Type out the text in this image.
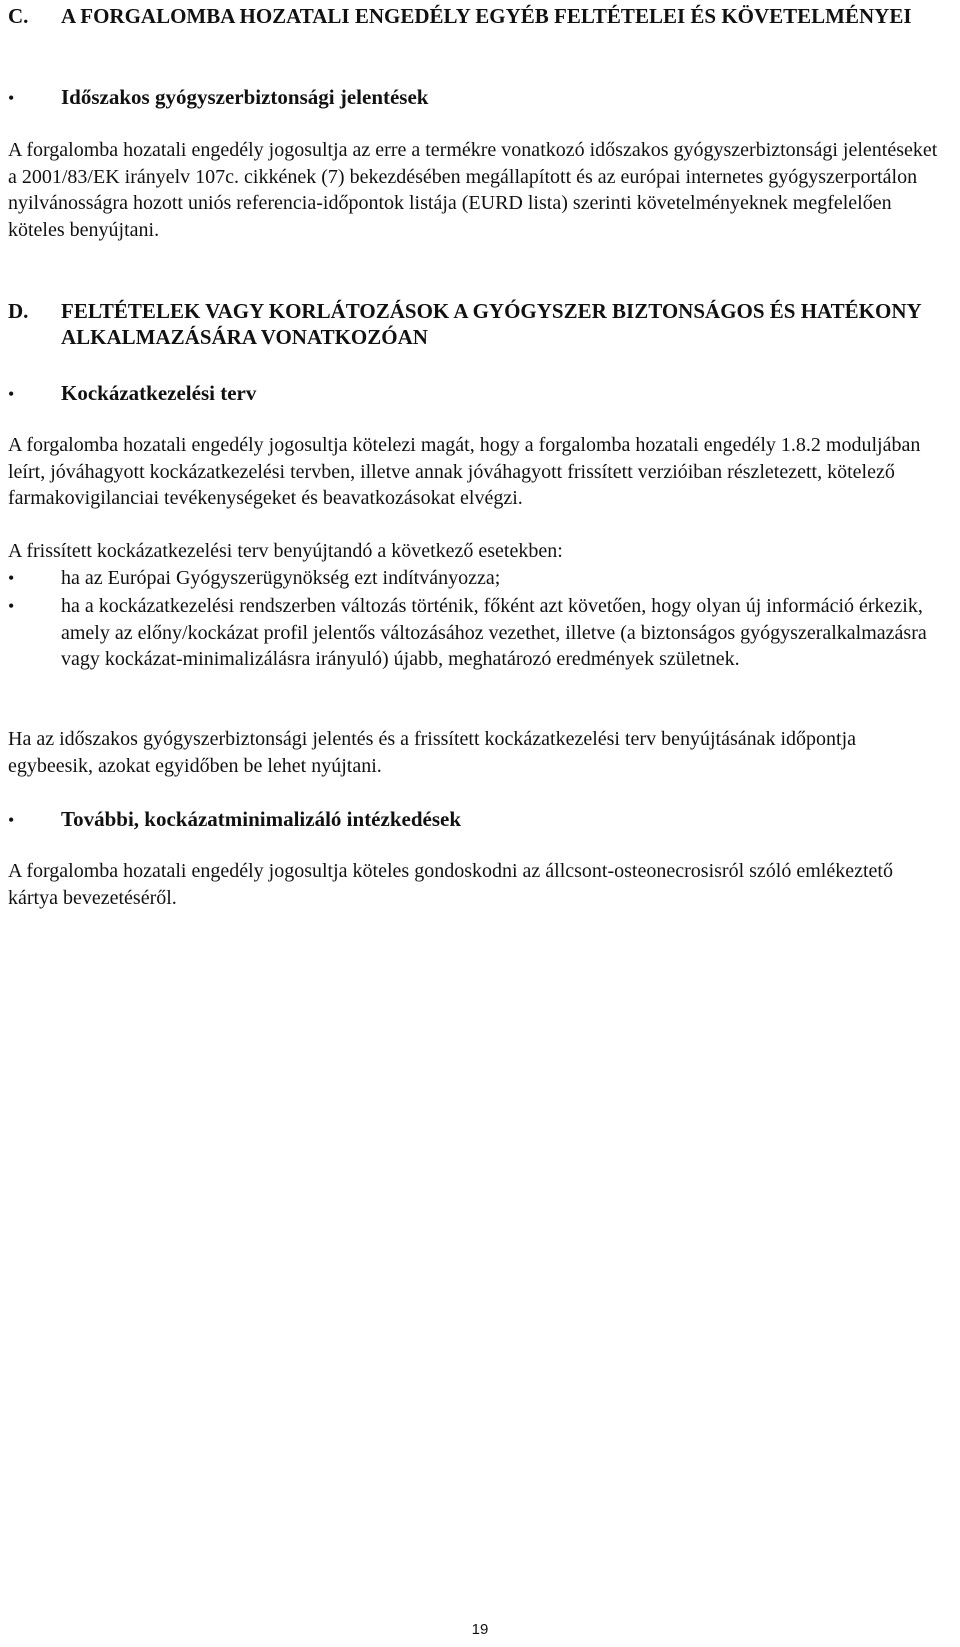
C.	A FORGALOMBA HOZATALI ENGEDÉLY EGYÉB FELTÉTELEI ÉS KÖVETELMÉNYEI
•	Időszakos gyógyszerbiztonsági jelentések

A forgalomba hozatali engedély jogosultja az erre a termékre vonatkozó időszakos gyógyszerbiztonsági jelentéseket a 2001/83/EK irányelv 107c. cikkének (7) bekezdésében megállapított és az európai internetes gyógyszerportálon nyilvánosságra hozott uniós referencia-időpontok listája (EURD lista) szerinti követelményeknek megfelelően köteles benyújtani.

D.	FELTÉTELEK VAGY KORLÁTOZÁSOK A GYÓGYSZER BIZTONSÁGOS ÉS HATÉKONY ALKALMAZÁSÁRA VONATKOZÓAN
•	Kockázatkezelési terv

A forgalomba hozatali engedély jogosultja kötelezi magát, hogy a forgalomba hozatali engedély 1.8.2 moduljában leírt, jóváhagyott kockázatkezelési tervben, illetve annak jóváhagyott frissített verzióiban részletezett, kötelező farmakovigilanciai tevékenységeket és beavatkozásokat elvégzi.

A frissített kockázatkezelési terv benyújtandó a következő esetekben:

•	ha az Európai Gyógyszerügynökség ezt indítványozza;
•	ha a kockázatkezelési rendszerben változás történik, főként azt követően, hogy olyan új információ érkezik, amely az előny/kockázat profil jelentős változásához vezethet, illetve (a biztonságos gyógyszeralkalmazásra vagy kockázat-minimalizálásra irányuló) újabb, meghatározó eredmények születnek.

Ha az időszakos gyógyszerbiztonsági jelentés és a frissített kockázatkezelési terv benyújtásának időpontja egybeesik, azokat egyidőben be lehet nyújtani.

•	További, kockázatminimalizáló intézkedések

A forgalomba hozatali engedély jogosultja köteles gondoskodni az állcsont-osteonecrosisról szóló emlékeztető kártya bevezetéséről.

19
